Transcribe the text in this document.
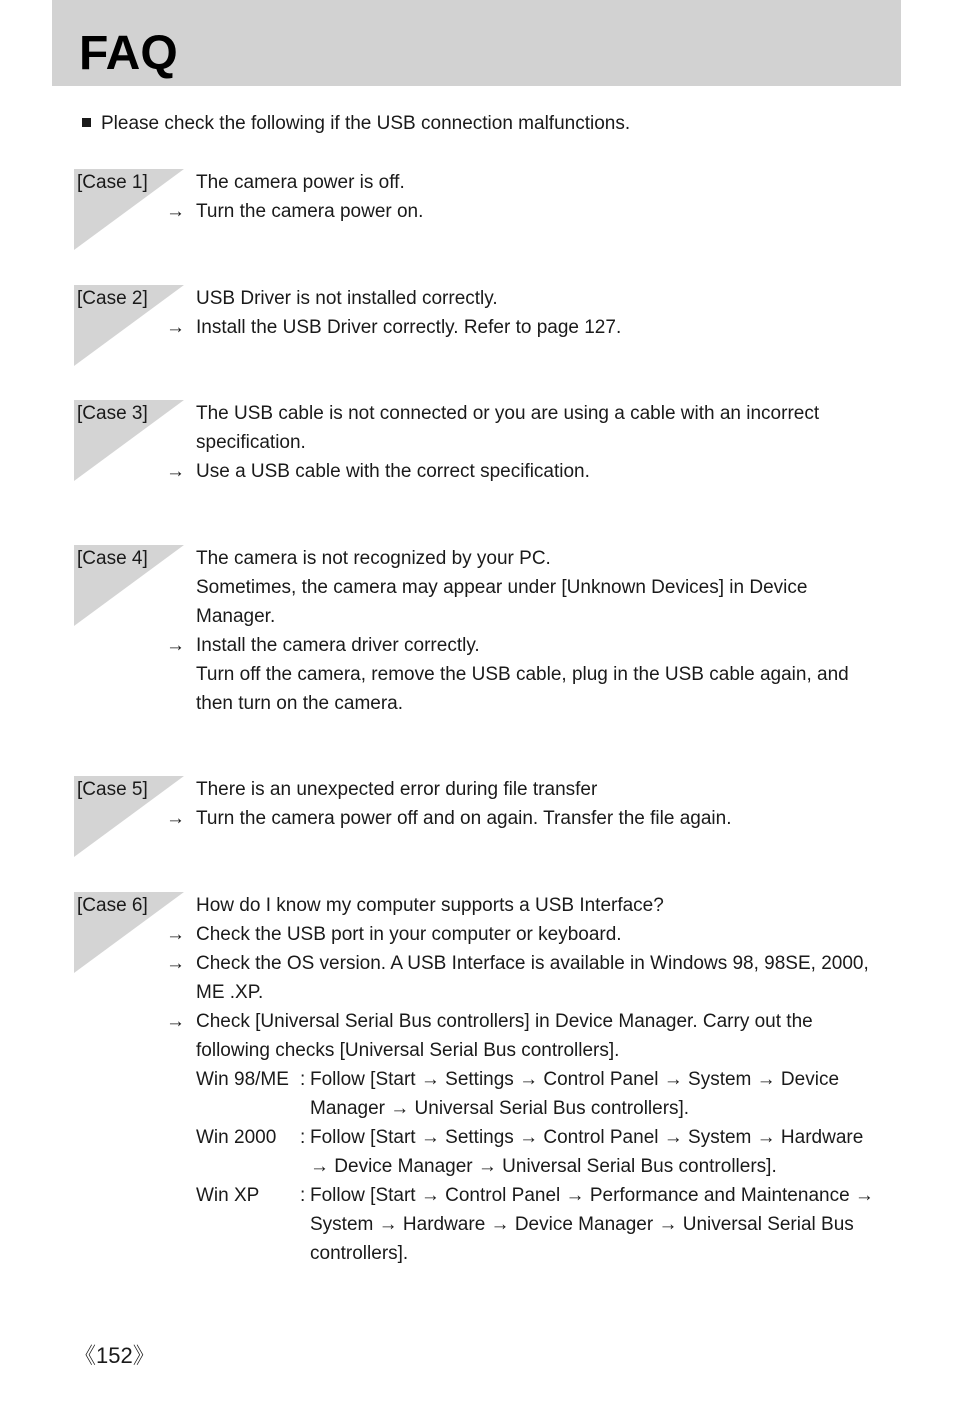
FAQ
Please check the following if the USB connection malfunctions.
[Case 1]	The camera power is off.
→ Turn the camera power on.
[Case 2]	USB Driver is not installed correctly.
→ Install the USB Driver correctly. Refer to page 127.
[Case 3]	The USB cable is not connected or you are using a cable with an incorrect
specification.
→ Use a USB cable with the correct specification.
[Case 4]	The camera is not recognized by your PC.
Sometimes, the camera may appear under [Unknown Devices] in Device
Manager.
→ Install the camera driver correctly.
Turn off the camera, remove the USB cable, plug in the USB cable again, and
then turn on the camera.
[Case 5]	There is an unexpected error during file transfer
→ Turn the camera power off and on again. Transfer the file again.
[Case 6]	How do I know my computer supports a USB Interface?
→ Check the USB port in your computer or keyboard.
→ Check the OS version. A USB Interface is available in Windows 98, 98SE, 2000,
ME .XP.
→ Check [Universal Serial Bus controllers] in Device Manager. Carry out the
following checks [Universal Serial Bus controllers].
Win 98/ME : Follow [Start → Settings → Control Panel → System → Device
Manager → Universal Serial Bus controllers].
Win 2000 : Follow [Start → Settings → Control Panel → System → Hardware
→ Device Manager → Universal Serial Bus controllers].
Win XP : Follow [Start → Control Panel → Performance and Maintenance →
System → Hardware → Device Manager → Universal Serial Bus
controllers].
《152》
